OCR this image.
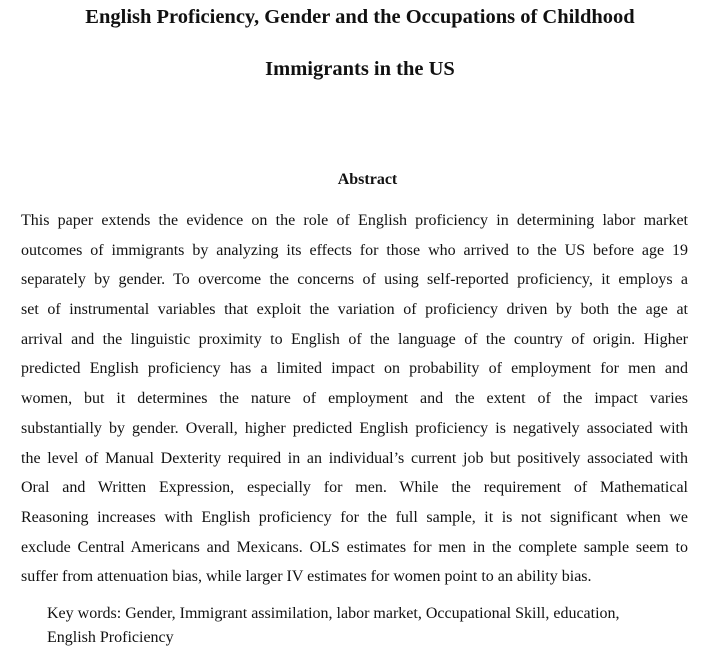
English Proficiency, Gender and the Occupations of Childhood
Immigrants in the US
Abstract

This paper extends the evidence on the role of English proficiency in determining labor market
outcomes of immigrants by analyzing its effects for those who arrived to the US before age 19
separately by gender. To overcome the concerns of using self-reported proficiency, it employs a
set of instrumental variables that exploit the variation of proficiency driven by both the age at
arrival and the linguistic proximity to English of the language of the country of origin. Higher
predicted English proficiency has a limited impact on probability of employment for men and
women, but it determines the nature of employment and the extent of the impact varies
substantially by gender. Overall, higher predicted English proficiency is negatively associated with
the level of Manual Dexterity required in an individual’s current job but positively associated with
Oral and Written Expression, especially for men. While the requirement of Mathematical
Reasoning increases with English proficiency for the full sample, it is not significant when we
exclude Central Americans and Mexicans. OLS estimates for men in the complete sample seem to
suffer from attenuation bias, while larger IV estimates for women point to an ability bias.

Key words: Gender, Immigrant assimilation, labor market, Occupational Skill, education,
English Proficiency
